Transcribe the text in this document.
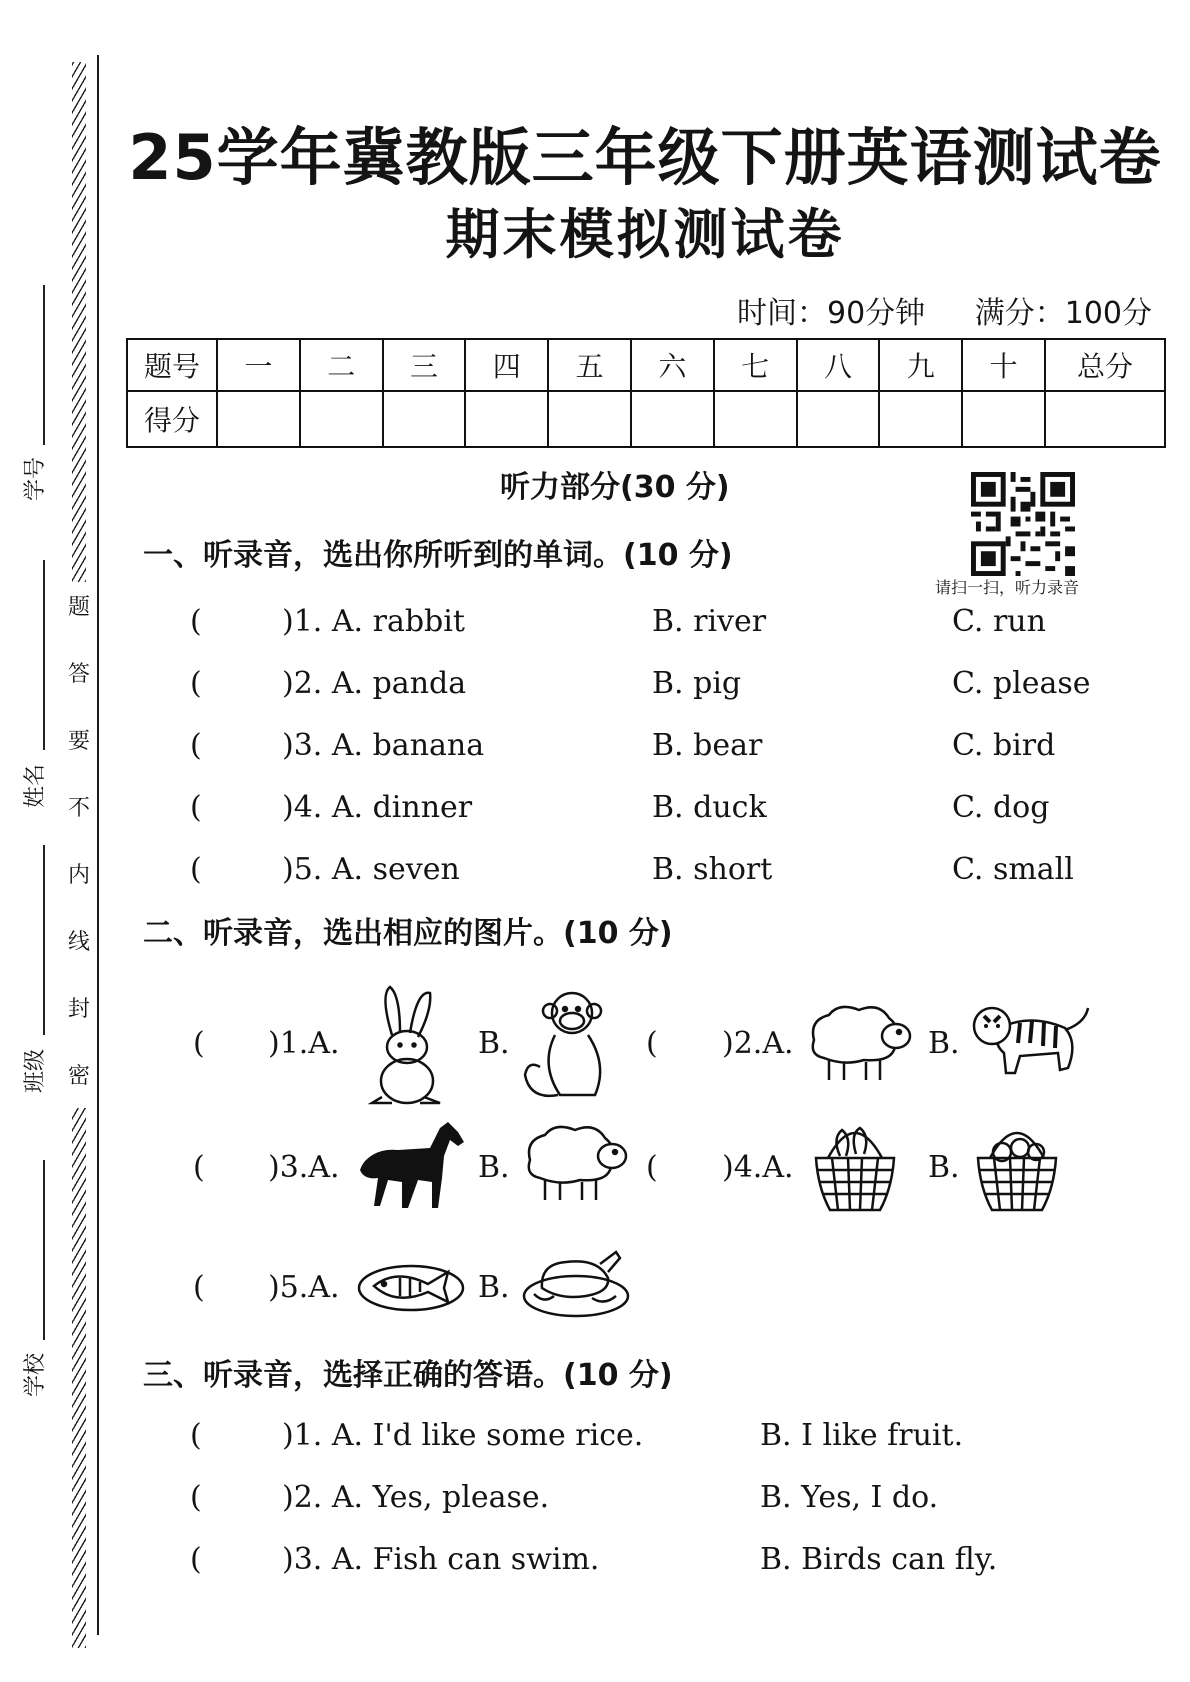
学号
姓名
班级
学校
题
答
要
不
内
线
封
密
25学年冀教版三年级下册英语测试卷
期末模拟测试卷
时间：90分钟 满分：100分
题号	一	二	三	四	五	六	七	八	九	十	总分
得分											
听力部分(30 分)
请扫一扫，听力录音
一、听录音，选出你所听到的单词。(10 分)
(	)1. A. rabbit	B. river	C. run
(	)2. A. panda	B. pig	C. please
(	)3. A. banana	B. bear	C. bird
(	)4. A. dinner	B. duck	C. dog
(	)5. A. seven	B. short	C. small
二、听录音，选出相应的图片。(10 分)
( )1.A.	B.	( )2.A.	B.
( )3.A.	B.	( )4.A.	B.
( )5.A.	B.
三、听录音，选择正确的答语。(10 分)
(	)1. A. I'd like some rice.	B. I like fruit.
(	)2. A. Yes, please.	B. Yes, I do.
(	)3. A. Fish can swim.	B. Birds can fly.
